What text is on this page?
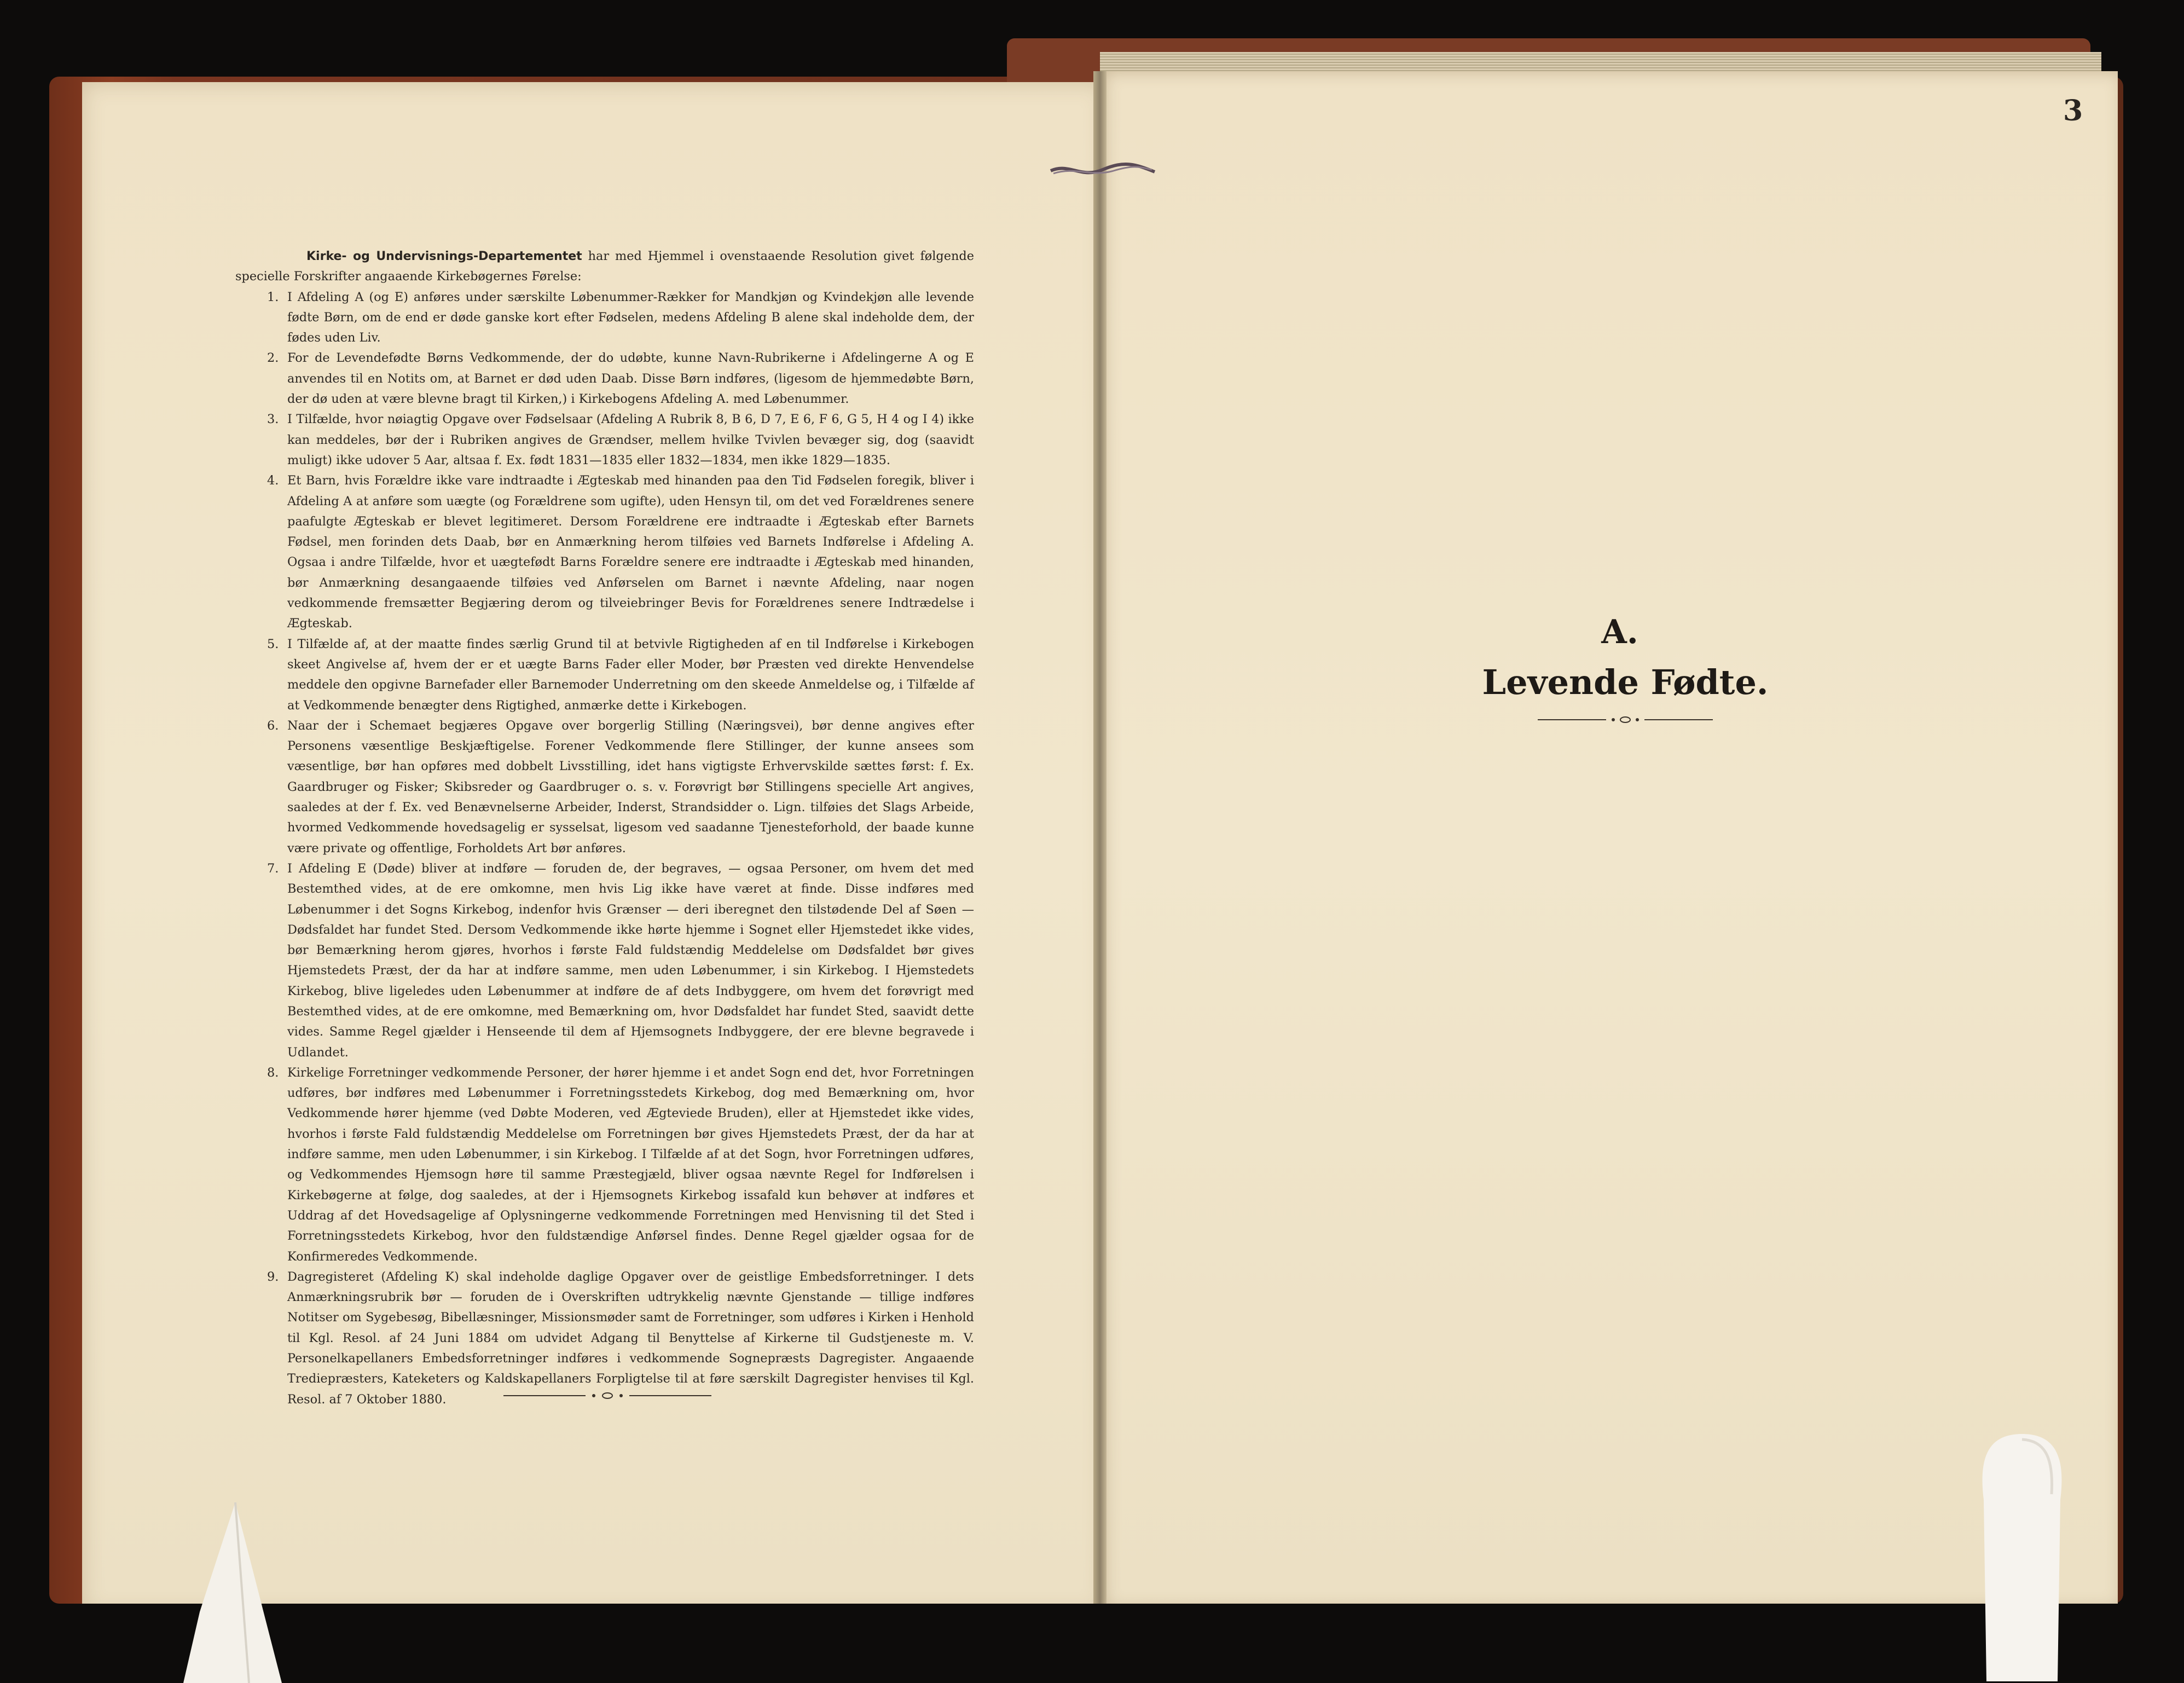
3

Kirke- og Undervisnings-Departementet har med Hjemmel i ovenstaaende Resolution givet følgende specielle Forskrifter angaaende Kirkebøgernes Førelse:

1. I Afdeling A (og E) anføres under særskilte Løbenummer-Rækker for Mandkjøn og Kvindekjøn alle levende fødte Børn, om de end er døde ganske kort efter Fødselen, medens Afdeling B alene skal indeholde dem, der fødes uden Liv.
2. For de Levendefødte Børns Vedkommende, der do udøbte, kunne Navn-Rubrikerne i Afdelingerne A og E anvendes til en Notits om, at Barnet er død uden Daab. Disse Børn indføres, (ligesom de hjemmedøbte Børn, der dø uden at være blevne bragt til Kirken,) i Kirkebogens Afdeling A. med Løbenummer.
3. I Tilfælde, hvor nøiagtig Opgave over Fødselsaar (Afdeling A Rubrik 8, B 6, D 7, E 6, F 6, G 5, H 4 og I 4) ikke kan meddeles, bør der i Rubriken angives de Grændser, mellem hvilke Tvivlen bevæger sig, dog (saavidt muligt) ikke udover 5 Aar, altsaa f. Ex. født 1831—1835 eller 1832—1834, men ikke 1829—1835.
4. Et Barn, hvis Forældre ikke vare indtraadte i Ægteskab med hinanden paa den Tid Fødselen foregik, bliver i Afdeling A at anføre som uægte (og Forældrene som ugifte), uden Hensyn til, om det ved Forældrenes senere paafulgte Ægteskab er blevet legitimeret. Dersom Forældrene ere indtraadte i Ægteskab efter Barnets Fødsel, men forinden dets Daab, bør en Anmærkning herom tilføies ved Barnets Indførelse i Afdeling A. Ogsaa i andre Tilfælde, hvor et uægtefødt Barns Forældre senere ere indtraadte i Ægteskab med hinanden, bør Anmærkning desangaaende tilføies ved Anførselen om Barnet i nævnte Afdeling, naar nogen vedkommende fremsætter Begjæring derom og tilveiebringer Bevis for Forældrenes senere Indtrædelse i Ægteskab.
5. I Tilfælde af, at der maatte findes særlig Grund til at betvivle Rigtigheden af en til Indførelse i Kirkebogen skeet Angivelse af, hvem der er et uægte Barns Fader eller Moder, bør Præsten ved direkte Henvendelse meddele den opgivne Barnefader eller Barnemoder Underretning om den skeede Anmeldelse og, i Tilfælde af at Vedkommende benægter dens Rigtighed, anmærke dette i Kirkebogen.
6. Naar der i Schemaet begjæres Opgave over borgerlig Stilling (Næringsvei), bør denne angives efter Personens væsentlige Beskjæftigelse. Forener Vedkommende flere Stillinger, der kunne ansees som væsentlige, bør han opføres med dobbelt Livsstilling, idet hans vigtigste Erhvervskilde sættes først: f. Ex. Gaardbruger og Fisker; Skibsreder og Gaardbruger o. s. v. Forøvrigt bør Stillingens specielle Art angives, saaledes at der f. Ex. ved Benævnelserne Arbeider, Inderst, Strandsidder o. Lign. tilføies det Slags Arbeide, hvormed Vedkommende hovedsagelig er sysselsat, ligesom ved saadanne Tjenesteforhold, der baade kunne være private og offentlige, Forholdets Art bør anføres.
7. I Afdeling E (Døde) bliver at indføre — foruden de, der begraves, — ogsaa Personer, om hvem det med Bestemthed vides, at de ere omkomne, men hvis Lig ikke have været at finde. Disse indføres med Løbenummer i det Sogns Kirkebog, indenfor hvis Grænser — deri iberegnet den tilstødende Del af Søen — Dødsfaldet har fundet Sted. Dersom Vedkommende ikke hørte hjemme i Sognet eller Hjemstedet ikke vides, bør Bemærkning herom gjøres, hvorhos i første Fald fuldstændig Meddelelse om Dødsfaldet bør gives Hjemstedets Præst, der da har at indføre samme, men uden Løbenummer, i sin Kirkebog. I Hjemstedets Kirkebog, blive ligeledes uden Løbenummer at indføre de af dets Indbyggere, om hvem det forøvrigt med Bestemthed vides, at de ere omkomne, med Bemærkning om, hvor Dødsfaldet har fundet Sted, saavidt dette vides. Samme Regel gjælder i Henseende til dem af Hjemsognets Indbyggere, der ere blevne begravede i Udlandet.
8. Kirkelige Forretninger vedkommende Personer, der hører hjemme i et andet Sogn end det, hvor Forretningen udføres, bør indføres med Løbenummer i Forretningsstedets Kirkebog, dog med Bemærkning om, hvor Vedkommende hører hjemme (ved Døbte Moderen, ved Ægteviede Bruden), eller at Hjemstedet ikke vides, hvorhos i første Fald fuldstændig Meddelelse om Forretningen bør gives Hjemstedets Præst, der da har at indføre samme, men uden Løbenummer, i sin Kirkebog. I Tilfælde af at det Sogn, hvor Forretningen udføres, og Vedkommendes Hjemsogn høre til samme Præstegjæld, bliver ogsaa nævnte Regel for Indførelsen i Kirkebøgerne at følge, dog saaledes, at der i Hjemsognets Kirkebog issafald kun behøver at indføres et Uddrag af det Hovedsagelige af Oplysningerne vedkommende Forretningen med Henvisning til det Sted i Forretningsstedets Kirkebog, hvor den fuldstændige Anførsel findes. Denne Regel gjælder ogsaa for de Konfirmeredes Vedkommende.
9. Dagregisteret (Afdeling K) skal indeholde daglige Opgaver over de geistlige Embedsforretninger. I dets Anmærkningsrubrik bør — foruden de i Overskriften udtrykkelig nævnte Gjenstande — tillige indføres Notitser om Sygebesøg, Bibellæsninger, Missionsmøder samt de Forretninger, som udføres i Kirken i Henhold til Kgl. Resol. af 24 Juni 1884 om udvidet Adgang til Benyttelse af Kirkerne til Gudstjeneste m. V. Personelkapellaners Embedsforretninger indføres i vedkommende Sognepræsts Dagregister. Angaaende Trediepræsters, Kateketers og Kaldskapellaners Forpligtelse til at føre særskilt Dagregister henvises til Kgl. Resol. af 7 Oktober 1880.
A.
Levende Fødte.
